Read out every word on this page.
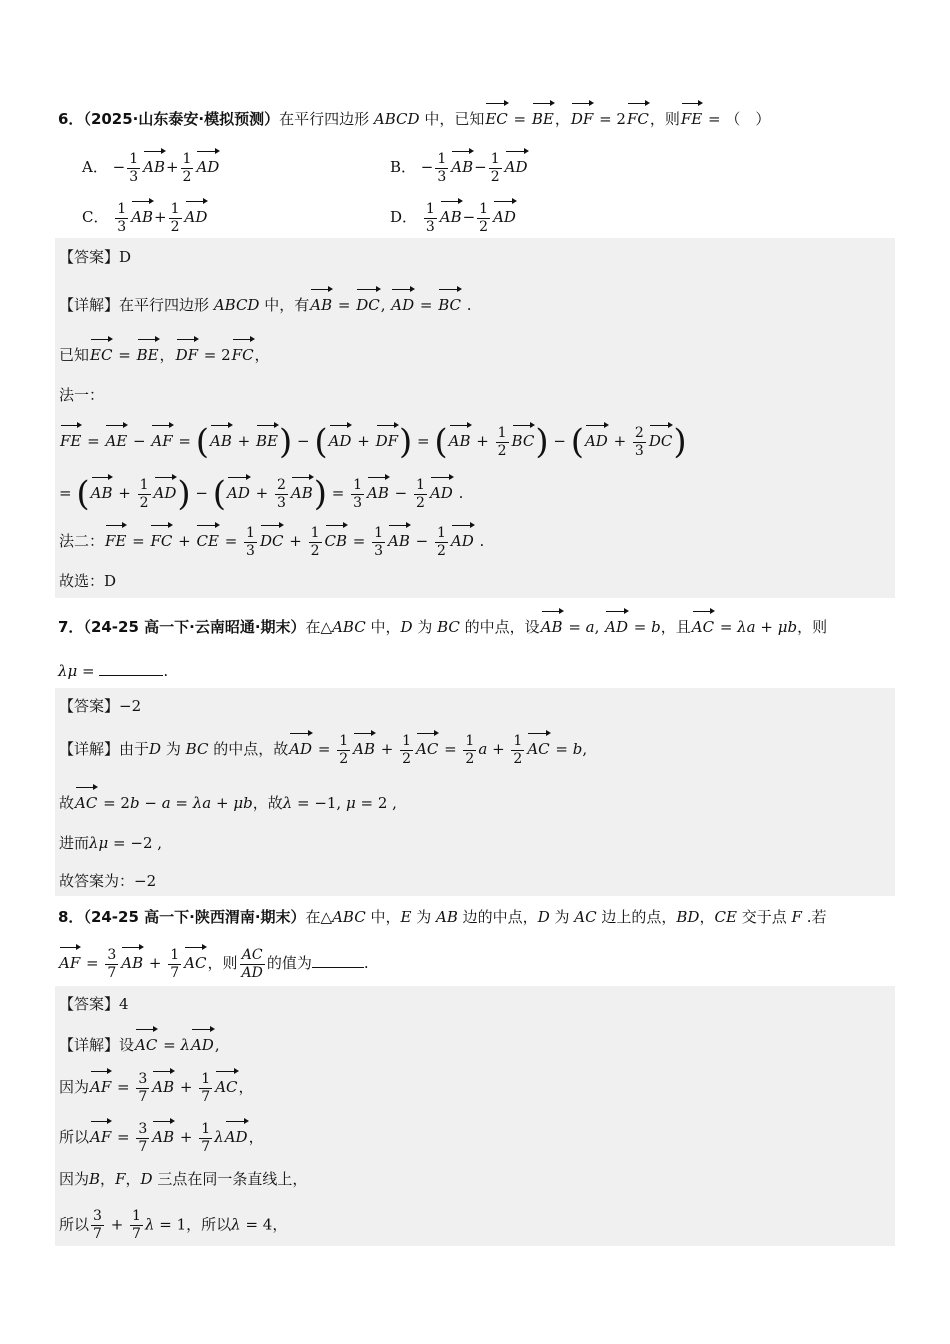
6．（2025·山东泰安·模拟预测）在平行四边形 ABCD 中，已知EC = BE，DF = 2FC，则FE = （　）
A． − $\frac{1}{3} AB+ \frac{1}{2}$ AD	B． − $\frac{1}{3} AB- \frac{1}{2}$ AD
C． $\frac{1}{3} AB+ \frac{1}{2}$ AD	D． $\frac{1}{3} AB- \frac{1}{2}$ AD
【答案】D
【详解】在平行四边形 ABCD 中，有AB = DC, AD = BC .
已知EC = BE，DF = 2FC，
法一：
FE = AE − AF = $(AB + BE) - (AD + DF) = (AB + \frac{1}{2} BC) - (AD + \frac{2}{3} DC)$
= $(AB + \frac{1}{2} AD) - (AD + \frac{2}{3} AB) = \frac{1}{3}$ AB − $\frac{1}{2}$ AD .
法二：FE = FC + CE = $\frac{1}{3}$ DC + $\frac{1}{2}$ CB = $\frac{1}{3}$ AB − $\frac{1}{2}$ AD .
故选：D
7．（24-25 高一下·云南昭通·期末）在△ABC 中，D 为 BC 的中点，设AB = a, AD = b，且AC = λa + μb，则
λμ =	.
【答案】−2
【详解】由于D 为 BC 的中点，故AD = $\frac{1}{2}$ AB + $\frac{1}{2}$ AC = $\frac{1}{2}$ $a + \frac{1}{2}$ AC = b,
故AC = 2b − a = λa + μb，故λ = −1, μ = 2 ,
进而λμ = −2 ,
故答案为：−2
8．（24-25 高一下·陕西渭南·期末）在△ABC 中，E 为 AB 边的中点，D 为 AC 边上的点，BD，CE 交于点 F .若
AF = $\frac{3}{7}$ AB + $\frac{1}{7}$ AC，则 $\frac{AC}{AD}$ 的值为	.
【答案】4
【详解】设AC = λAD,
因为AF = $\frac{3}{7}$ AB + $\frac{1}{7}$ AC，
所以AF = $\frac{3}{7}$ AB + $\frac{1}{7}$ λAD，
因为B，F，D 三点在同一条直线上，
所以 $\frac{3}{7} + \frac{1}{7}$ λ = 1，所以λ = 4，
